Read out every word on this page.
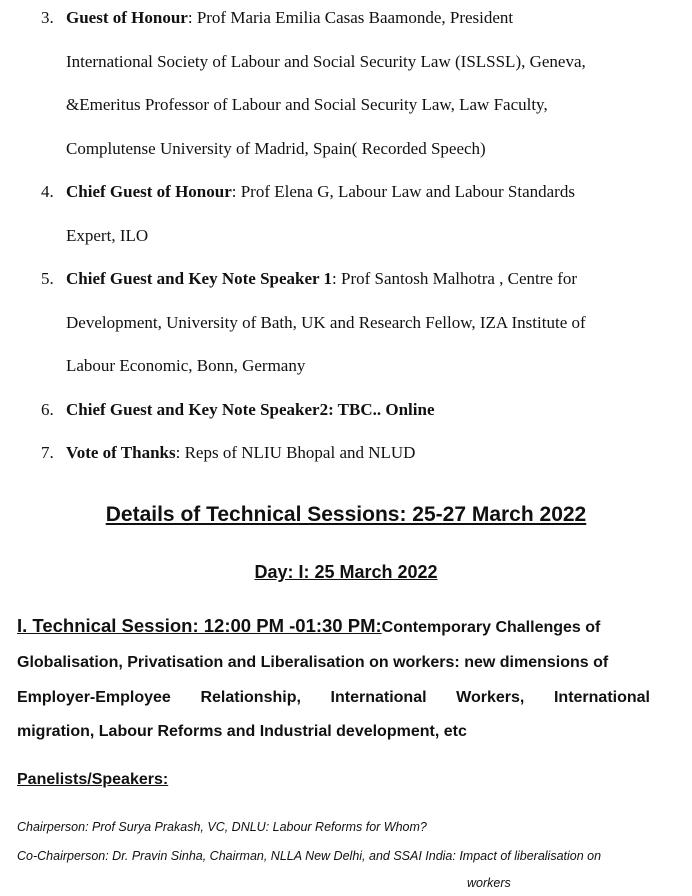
3. Guest of Honour: Prof Maria Emilia Casas Baamonde, President
International Society of Labour and Social Security Law (ISLSSL), Geneva,
&Emeritus Professor of Labour and Social Security Law, Law Faculty,
Complutense University of Madrid, Spain( Recorded Speech)
4. Chief Guest of Honour: Prof Elena G, Labour Law and Labour Standards
Expert, ILO
5. Chief Guest and Key Note Speaker 1: Prof Santosh Malhotra , Centre for
Development, University of Bath, UK and Research Fellow, IZA Institute of
Labour Economic, Bonn, Germany
6. Chief Guest and Key Note Speaker2: TBC.. Online
7. Vote of Thanks: Reps of NLIU Bhopal and NLUD
Details of Technical Sessions: 25-27 March 2022
Day: I: 25 March 2022
I. Technical Session: 12:00 PM -01:30 PM:Contemporary Challenges of
Globalisation, Privatisation and Liberalisation on workers: new dimensions of
Employer-Employee Relationship, International Workers, International
migration, Labour Reforms and Industrial development, etc
Panelists/Speakers:
Chairperson: Prof Surya Prakash, VC, DNLU: Labour Reforms for Whom?
Co-Chairperson: Dr. Pravin Sinha, Chairman, NLLA New Delhi, and SSAI India: Impact of liberalisation on
workers
